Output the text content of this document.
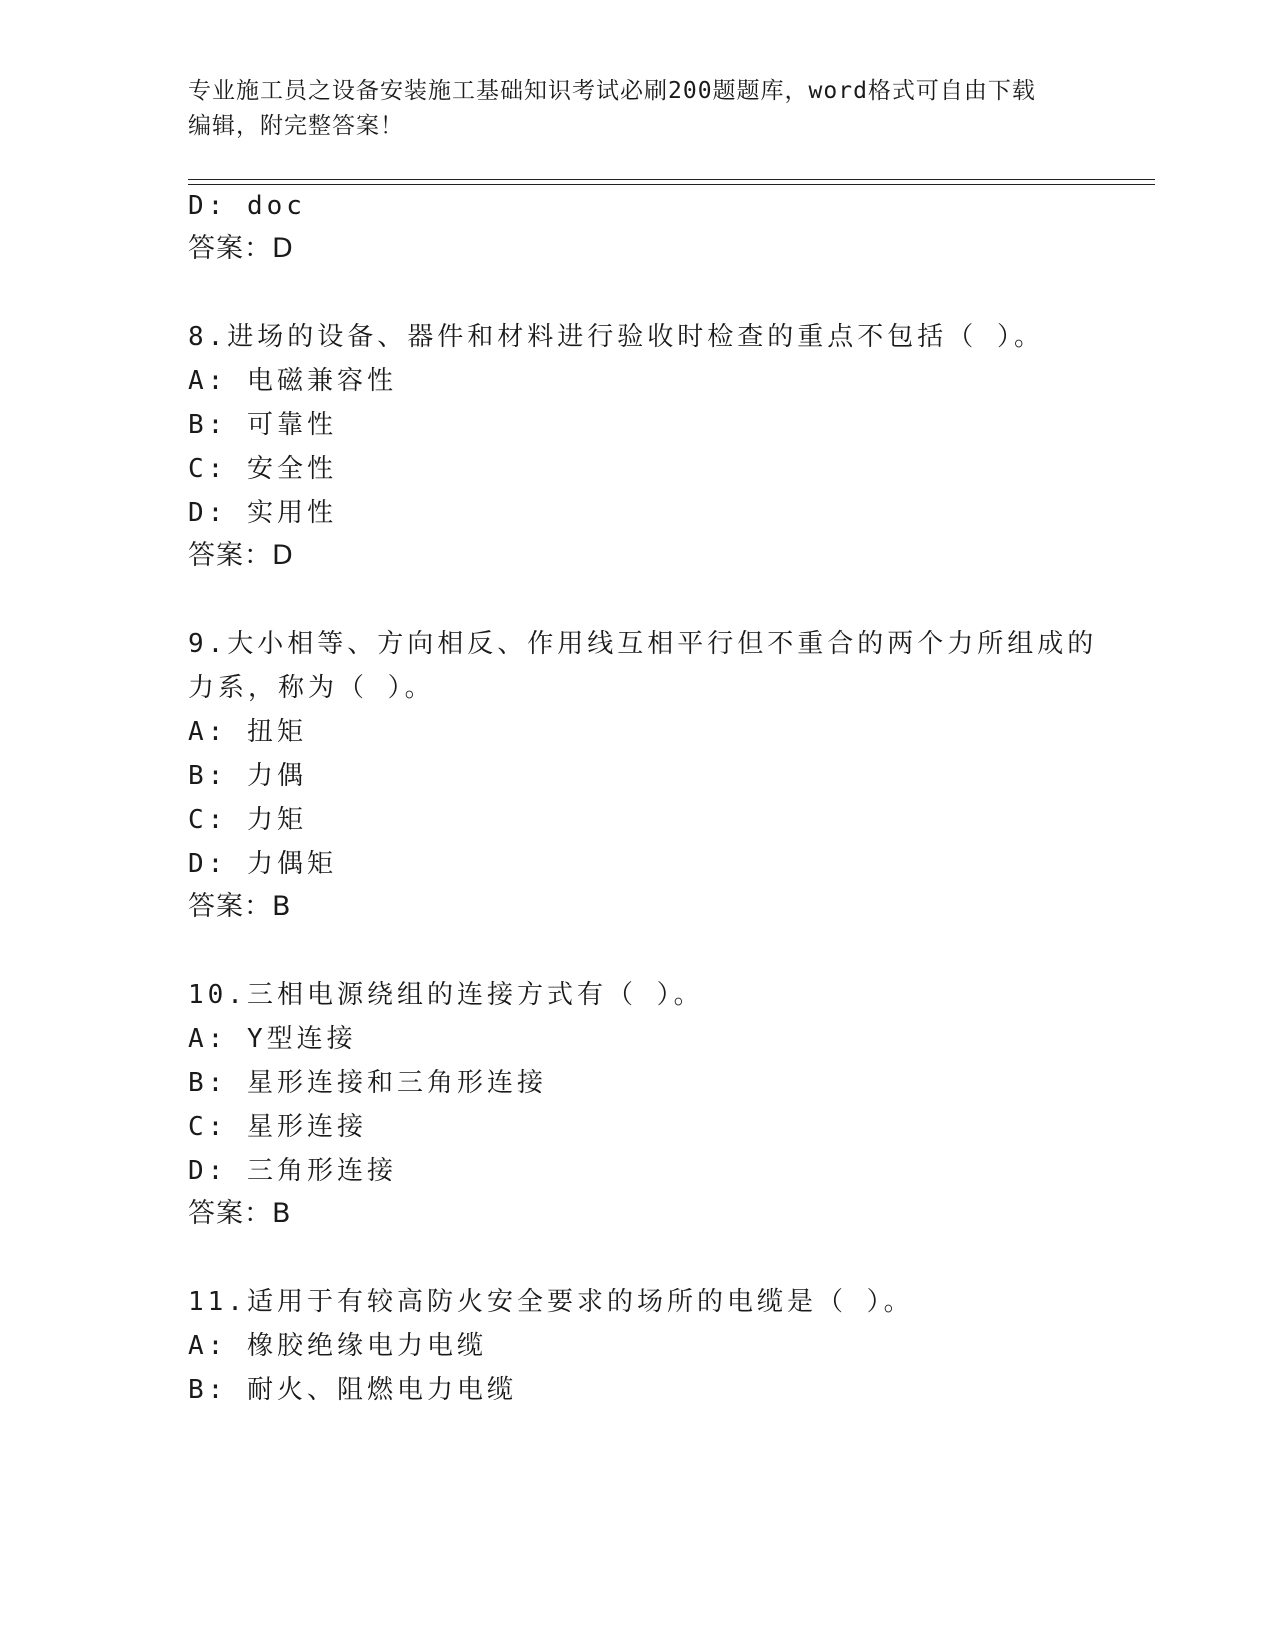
专业施工员之设备安装施工基础知识考试必刷200题题库，word格式可自由下载
编辑，附完整答案！
D: doc
答案：D
8.进场的设备、器件和材料进行验收时检查的重点不包括（ ）。
A: 电磁兼容性
B: 可靠性
C: 安全性
D: 实用性
答案：D
9.大小相等、方向相反、作用线互相平行但不重合的两个力所组成的
力系，称为（ ）。
A: 扭矩
B: 力偶
C: 力矩
D: 力偶矩
答案：B
10.三相电源绕组的连接方式有（ ）。
A: Y型连接
B: 星形连接和三角形连接
C: 星形连接
D: 三角形连接
答案：B
11.适用于有较高防火安全要求的场所的电缆是（ ）。
A: 橡胶绝缘电力电缆
B: 耐火、阻燃电力电缆
